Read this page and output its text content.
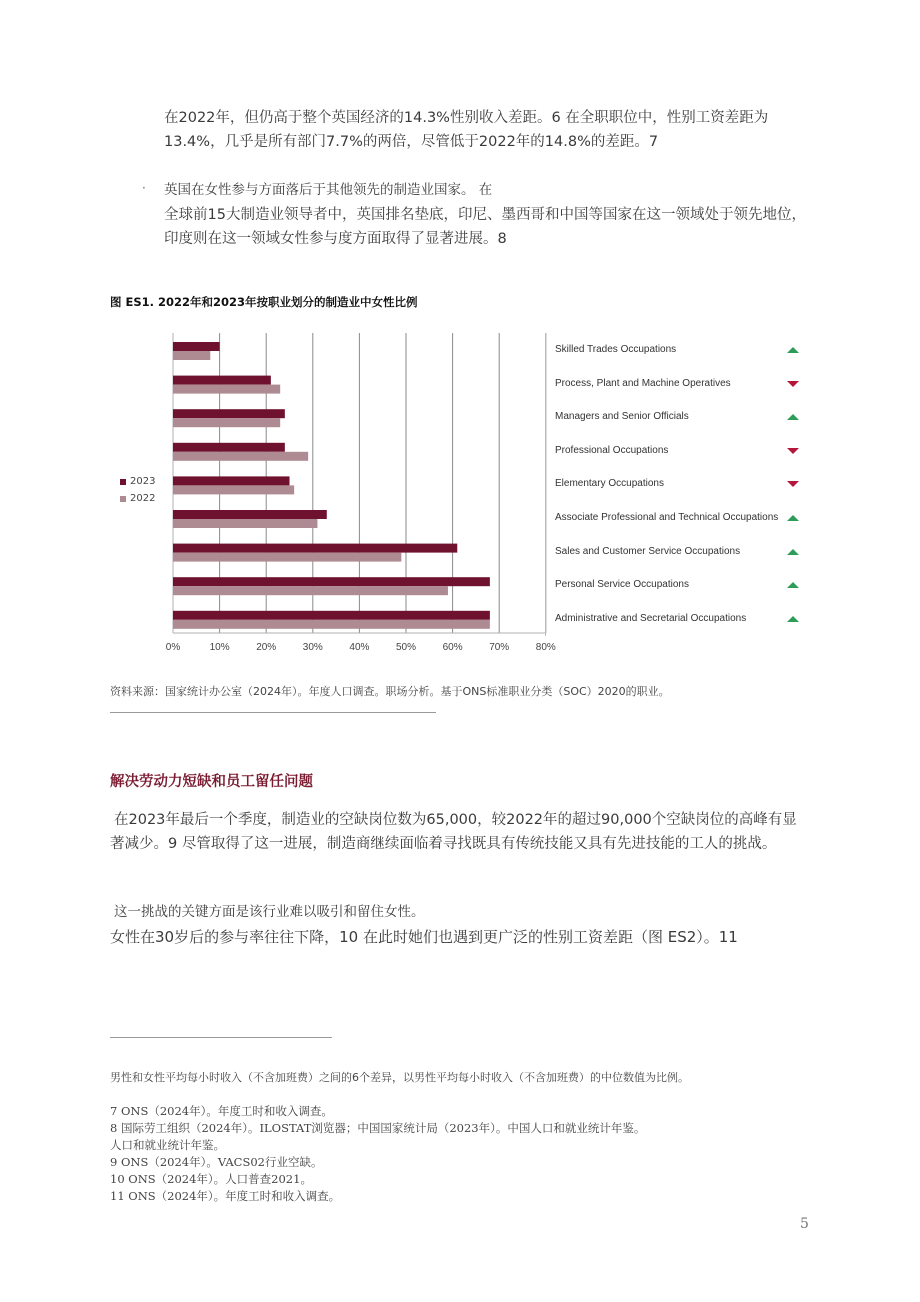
在2022年，但仍高于整个英国经济的14.3%性别收入差距。6 在全职职位中，性别工资差距为13.4%，几乎是所有部门7.7%的两倍，尽管低于2022年的14.8%的差距。7
· 英国在女性参与方面落后于其他领先的制造业国家。 在
全球前15大制造业领导者中，英国排名垫底，印尼、墨西哥和中国等国家在这一领域处于领先地位，印度则在这一领域女性参与度方面取得了显著进展。8
图 ES1. 2022年和2023年按职业划分的制造业中女性比例
0%	10%	20%	30%	40%	50%	60%	70%	80%
2023
2022
Skilled Trades Occupations
Process, Plant and Machine Operatives
Managers and Senior Officials
Professional Occupations
Elementary Occupations
Associate Professional and Technical Occupations
Sales and Customer Service Occupations
Personal Service Occupations
Administrative and Secretarial Occupations
资料来源：国家统计办公室（2024年）。年度人口调查。职场分析。基于ONS标准职业分类（SOC）2020的职业。
解决劳动力短缺和员工留任问题
在2023年最后一个季度，制造业的空缺岗位数为65,000，较2022年的超过90,000个空缺岗位的高峰有显著减少。9 尽管取得了这一进展，制造商继续面临着寻找既具有传统技能又具有先进技能的工人的挑战。
这一挑战的关键方面是该行业难以吸引和留住女性。
女性在30岁后的参与率往往下降，10 在此时她们也遇到更广泛的性别工资差距（图 ES2）。11
男性和女性平均每小时收入（不含加班费）之间的6个差异，以男性平均每小时收入（不含加班费）的中位数值为比例。
7 ONS（2024年）。年度工时和收入调查。
8 国际劳工组织（2024年）。ILOSTAT浏览器；中国国家统计局（2023年）。中国人口和就业统计年鉴。
人口和就业统计年鉴。
9 ONS（2024年）。VACS02行业空缺。
10 ONS（2024年）。人口普查2021。
11 ONS（2024年）。年度工时和收入调查。
5
